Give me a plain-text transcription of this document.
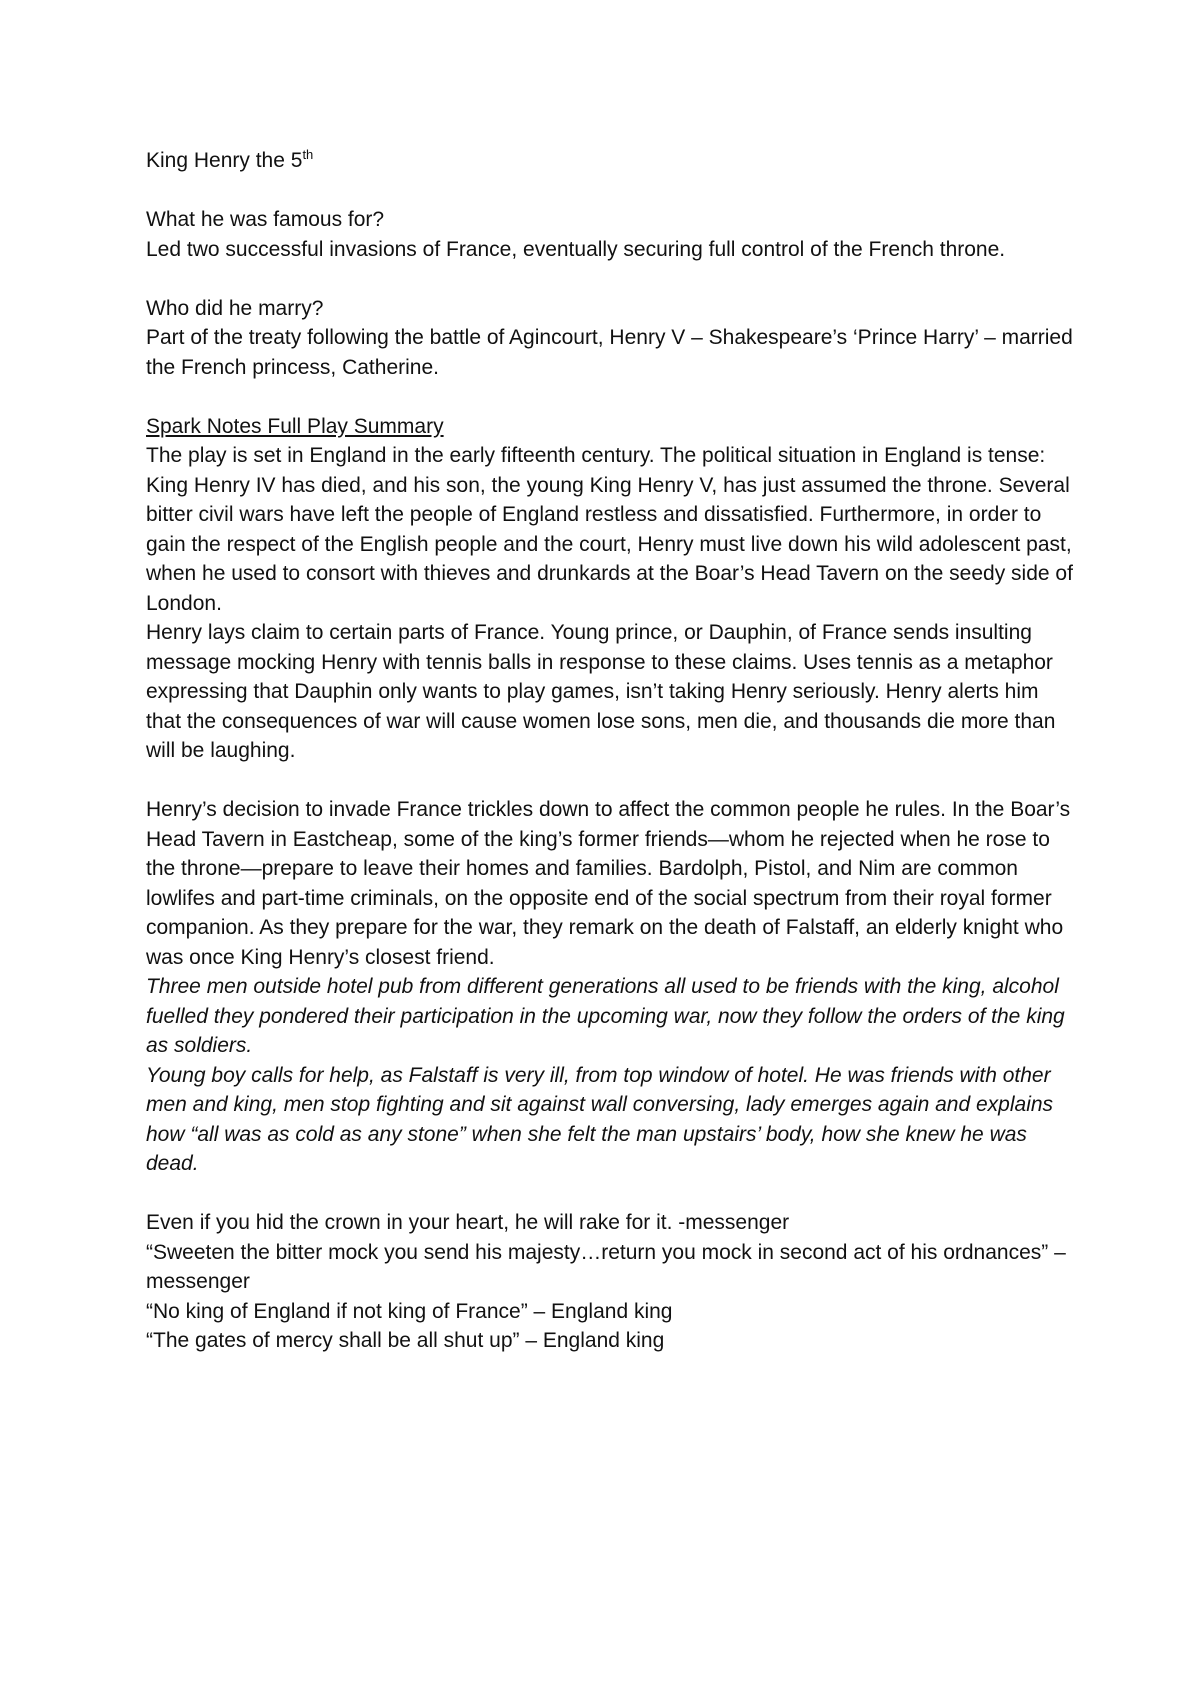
King Henry the 5th

What he was famous for?

Led two successful invasions of France, eventually securing full control of the French throne.

Who did he marry?

Part of the treaty following the battle of Agincourt, Henry V – Shakespeare’s ‘Prince Harry’ – married the French princess, Catherine.

Spark Notes Full Play Summary

The play is set in England in the early fifteenth century. The political situation in England is tense: King Henry IV has died, and his son, the young King Henry V, has just assumed the throne. Several bitter civil wars have left the people of England restless and dissatisfied. Furthermore, in order to gain the respect of the English people and the court, Henry must live down his wild adolescent past, when he used to consort with thieves and drunkards at the Boar’s Head Tavern on the seedy side of London.

Henry lays claim to certain parts of France. Young prince, or Dauphin, of France sends insulting message mocking Henry with tennis balls in response to these claims. Uses tennis as a metaphor expressing that Dauphin only wants to play games, isn’t taking Henry seriously. Henry alerts him that the consequences of war will cause women lose sons, men die, and thousands die more than will be laughing.

Henry’s decision to invade France trickles down to affect the common people he rules. In the Boar’s Head Tavern in Eastcheap, some of the king’s former friends—whom he rejected when he rose to the throne—prepare to leave their homes and families. Bardolph, Pistol, and Nim are common lowlifes and part-time criminals, on the opposite end of the social spectrum from their royal former companion. As they prepare for the war, they remark on the death of Falstaff, an elderly knight who was once King Henry’s closest friend.

Three men outside hotel pub from different generations all used to be friends with the king, alcohol fuelled they pondered their participation in the upcoming war, now they follow the orders of the king as soldiers.

Young boy calls for help, as Falstaff is very ill, from top window of hotel. He was friends with other men and king, men stop fighting and sit against wall conversing, lady emerges again and explains how “all was as cold as any stone” when she felt the man upstairs’ body, how she knew he was dead.

Even if you hid the crown in your heart, he will rake for it. -messenger

“Sweeten the bitter mock you send his majesty…return you mock in second act of his ordnances” – messenger

“No king of England if not king of France” – England king

“The gates of mercy shall be all shut up” – England king
